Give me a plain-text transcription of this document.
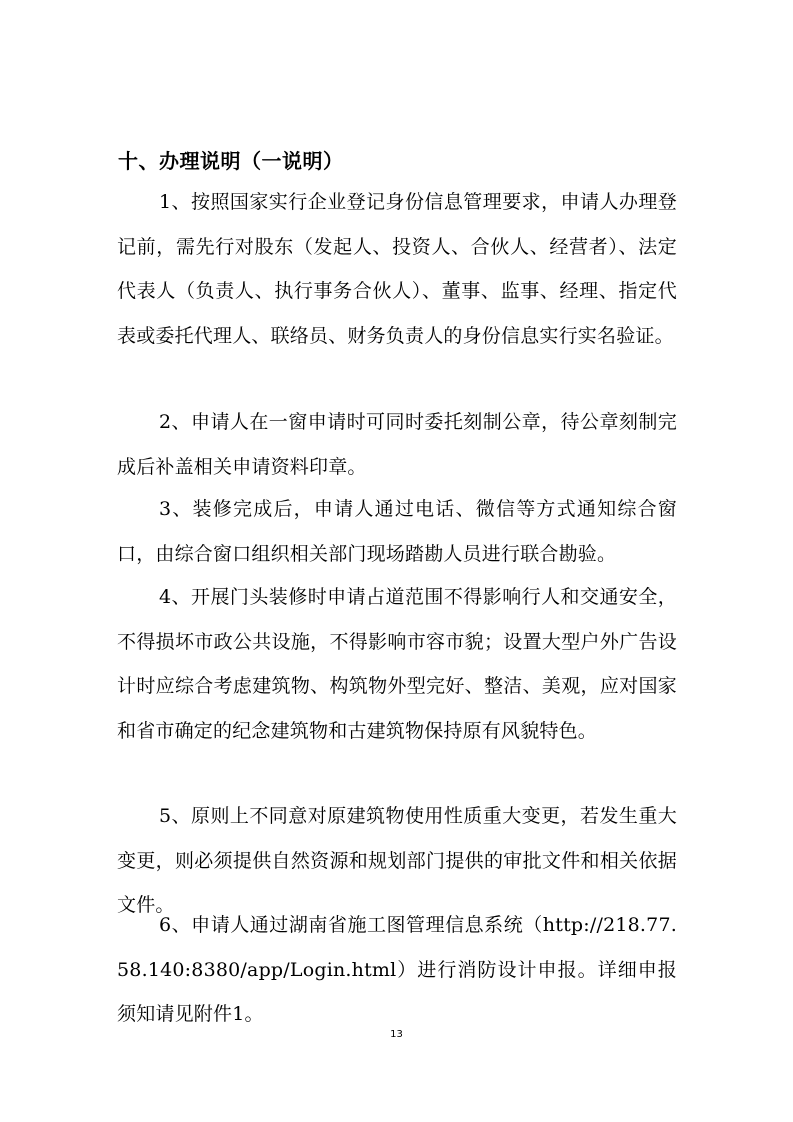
十、办理说明（一说明）
1、按照国家实行企业登记身份信息管理要求，申请人办理登记前，需先行对股东（发起人、投资人、合伙人、经营者）、法定代表人（负责人、执行事务合伙人）、董事、监事、经理、指定代表或委托代理人、联络员、财务负责人的身份信息实行实名验证。
2、申请人在一窗申请时可同时委托刻制公章，待公章刻制完成后补盖相关申请资料印章。
3、装修完成后，申请人通过电话、微信等方式通知综合窗口，由综合窗口组织相关部门现场踏勘人员进行联合勘验。
4、开展门头装修时申请占道范围不得影响行人和交通安全，不得损坏市政公共设施，不得影响市容市貌；设置大型户外广告设计时应综合考虑建筑物、构筑物外型完好、整洁、美观，应对国家和省市确定的纪念建筑物和古建筑物保持原有风貌特色。
5、原则上不同意对原建筑物使用性质重大变更，若发生重大变更，则必须提供自然资源和规划部门提供的审批文件和相关依据文件。
6、申请人通过湖南省施工图管理信息系统（http://218.77.58.140:8380/app/Login.html）进行消防设计申报。详细申报须知请见附件1。
13
